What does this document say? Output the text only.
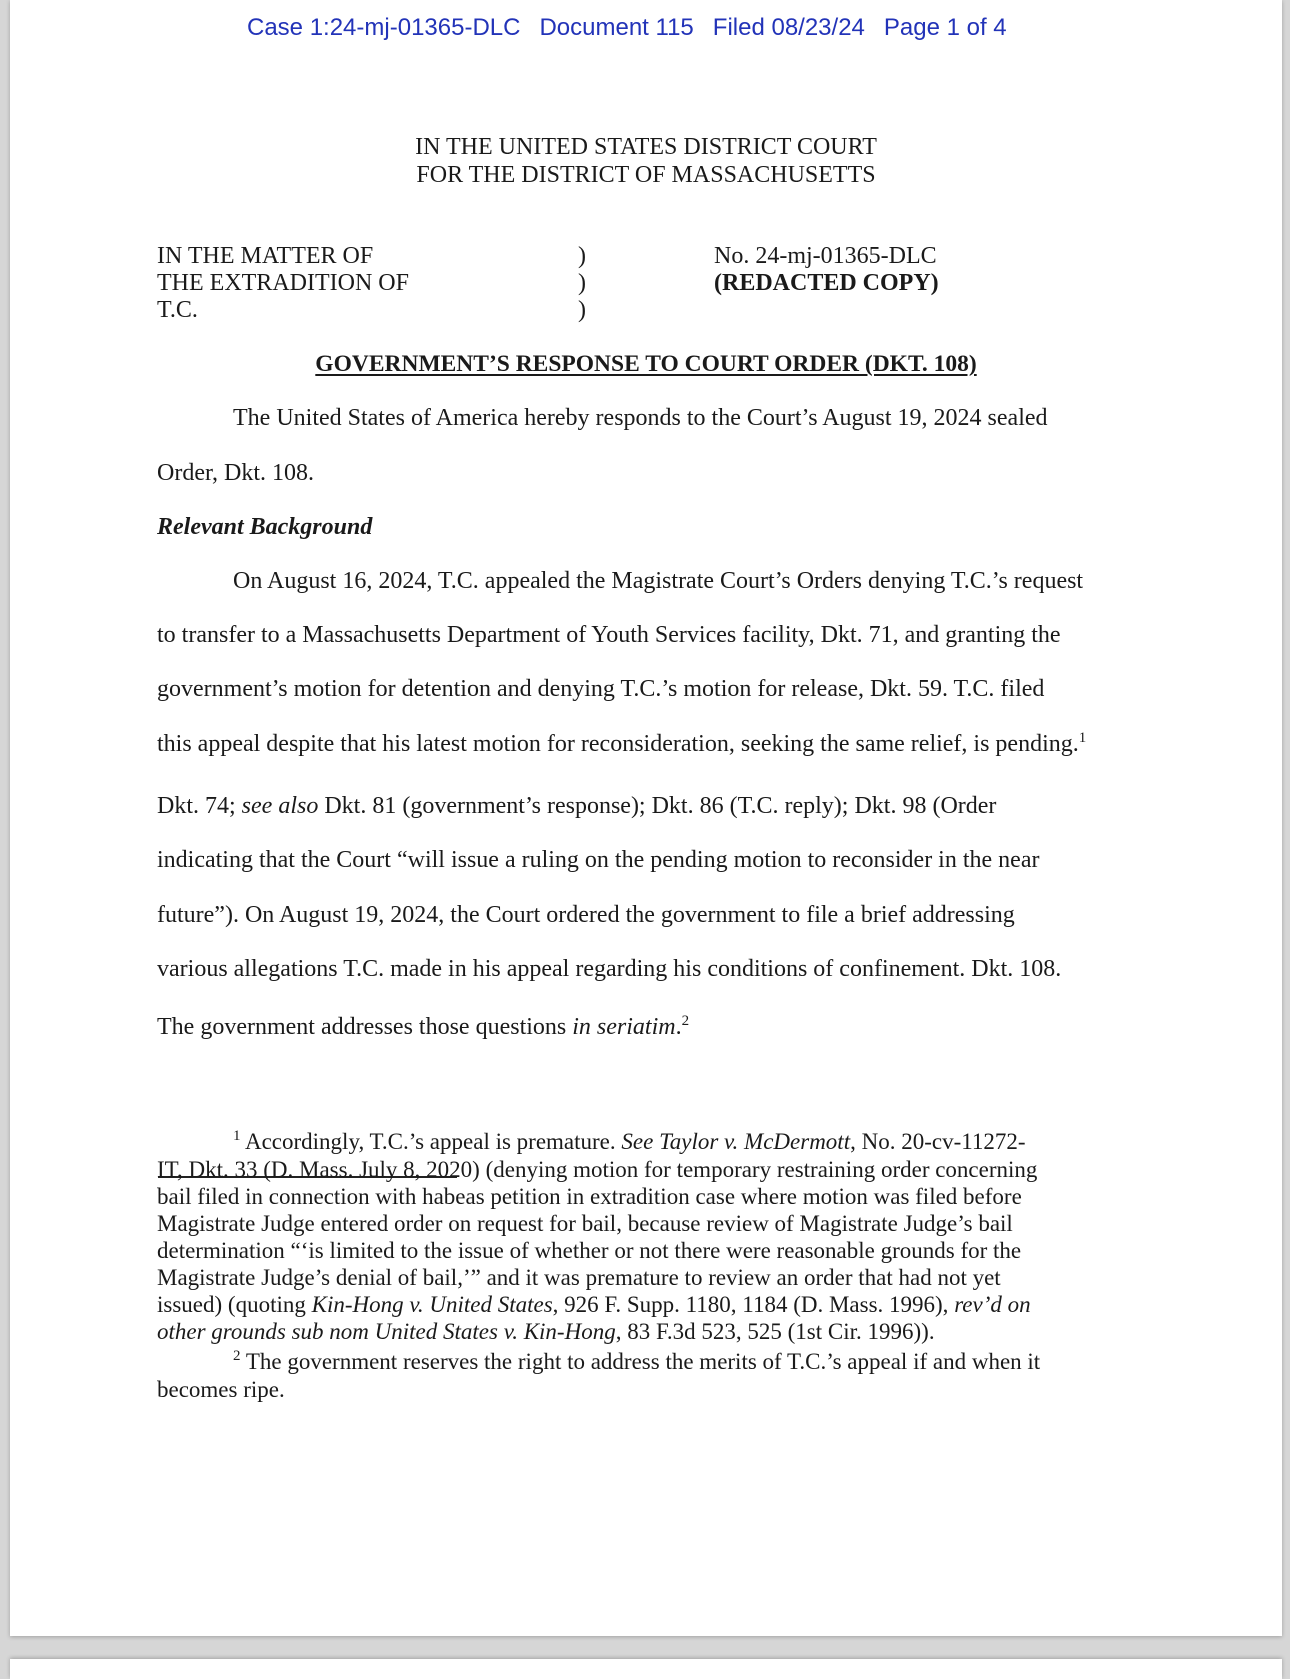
Case 1:24-mj-01365-DLC Document 115 Filed 08/23/24 Page 1 of 4
IN THE UNITED STATES DISTRICT COURT
FOR THE DISTRICT OF MASSACHUSETTS
IN THE MATTER OF
THE EXTRADITION OF
T.C.
)
)
)
No. 24-mj-01365-DLC
(REDACTED COPY)
GOVERNMENT’S RESPONSE TO COURT ORDER (DKT. 108)
The United States of America hereby responds to the Court’s August 19, 2024 sealed
Order, Dkt. 108.
Relevant Background
On August 16, 2024, T.C. appealed the Magistrate Court’s Orders denying T.C.’s request
to transfer to a Massachusetts Department of Youth Services facility, Dkt. 71, and granting the
government’s motion for detention and denying T.C.’s motion for release, Dkt. 59. T.C. filed
this appeal despite that his latest motion for reconsideration, seeking the same relief, is pending.$^1$
Dkt. 74; see also Dkt. 81 (government’s response); Dkt. 86 (T.C. reply); Dkt. 98 (Order
indicating that the Court “will issue a ruling on the pending motion to reconsider in the near
future”). On August 19, 2024, the Court ordered the government to file a brief addressing
various allegations T.C. made in his appeal regarding his conditions of confinement. Dkt. 108.
The government addresses those questions in seriatim.$^2$
$^1$ Accordingly, T.C.’s appeal is premature. See Taylor v. McDermott, No. 20-cv-11272-
IT, Dkt. 33 (D. Mass. July 8, 2020) (denying motion for temporary restraining order concerning
bail filed in connection with habeas petition in extradition case where motion was filed before
Magistrate Judge entered order on request for bail, because review of Magistrate Judge’s bail
determination “‘is limited to the issue of whether or not there were reasonable grounds for the
Magistrate Judge’s denial of bail,’” and it was premature to review an order that had not yet
issued) (quoting Kin-Hong v. United States, 926 F. Supp. 1180, 1184 (D. Mass. 1996), rev’d on
other grounds sub nom United States v. Kin-Hong, 83 F.3d 523, 525 (1st Cir. 1996)).
$^2$ The government reserves the right to address the merits of T.C.’s appeal if and when it
becomes ripe.
